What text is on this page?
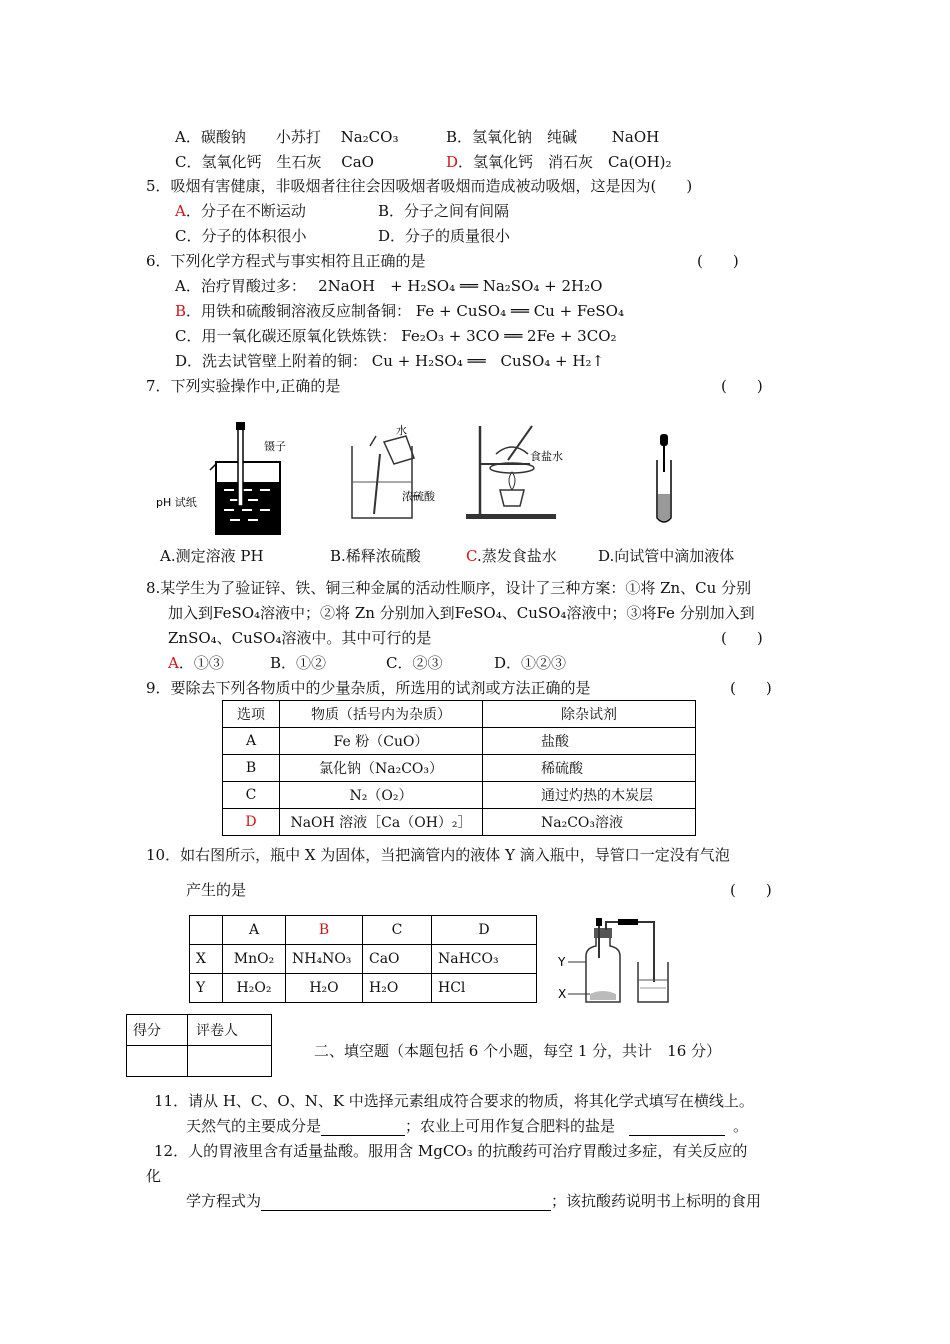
A．碳酸钠　　小苏打　 Na₂CO₃	B．氢氧化钠　纯碱　　 NaOH
C．氢氧化钙　生石灰　 CaO	D．氢氧化钙　消石灰　Ca(OH)₂
5．吸烟有害健康，非吸烟者往往会因吸烟者吸烟而造成被动吸烟，这是因为(　　)
A．分子在不断运动	B．分子之间有间隔
C．分子的体积很小	D．分子的质量很小
6．下列化学方程式与事实相符且正确的是	(　　)
A．治疗胃酸过多：　 2NaOH　+ H₂SO₄ ══ Na₂SO₄ + 2H₂O
B．用铁和硫酸铜溶液反应制备铜： Fe + CuSO₄ ══ Cu + FeSO₄
C．用一氧化碳还原氧化铁炼铁： Fe₂O₃ + 3CO ══ 2Fe + 3CO₂
D．洗去试管壁上附着的铜： Cu + H₂SO₄ ══　CuSO₄ + H₂↑
7．下列实验操作中,正确的是	(　　)
镊子
pH 试纸
水
浓硫酸
食盐水
A.测定溶液 PH	B.稀释浓硫酸	C.蒸发食盐水	D.向试管中滴加液体
8.某学生为了验证锌、铁、铜三种金属的活动性顺序，设计了三种方案：①将 Zn、Cu 分别
加入到FeSO₄溶液中；②将 Zn 分别加入到FeSO₄、CuSO₄溶液中；③将Fe 分别加入到
ZnSO₄、CuSO₄溶液中。其中可行的是	(　　)
A．①③	B．①②	C．②③	D．①②③
9．要除去下列各物质中的少量杂质，所选用的试剂或方法正确的是	(　　)
选项	物质（括号内为杂质）	除杂试剂
A	Fe 粉（CuO）	盐酸
B	氯化钠（Na₂CO₃）	稀硫酸
C	N₂（O₂）	通过灼热的木炭层
D	NaOH 溶液［Ca（OH）₂］	Na₂CO₃溶液
10．如右图所示，瓶中 X 为固体，当把滴管内的液体 Y 滴入瓶中，导管口一定没有气泡
产生的是	(　　)
	A	B	C	D
X	MnO₂	NH₄NO₃	CaO	NaHCO₃
Y	H₂O₂	H₂O	H₂O	HCl
Y
X
得分	评卷人

二、填空题（本题包括 6 个小题，每空 1 分，共计　16 分）
11．请从 H、C、O、N、K 中选择元素组成符合要求的物质，将其化学式填写在横线上。
天然气的主要成分是	；农业上可用作复合肥料的盐是	。
12．人的胃液里含有适量盐酸。服用含 MgCO₃ 的抗酸药可治疗胃酸过多症，有关反应的
化
学方程式为	；该抗酸药说明书上标明的食用
